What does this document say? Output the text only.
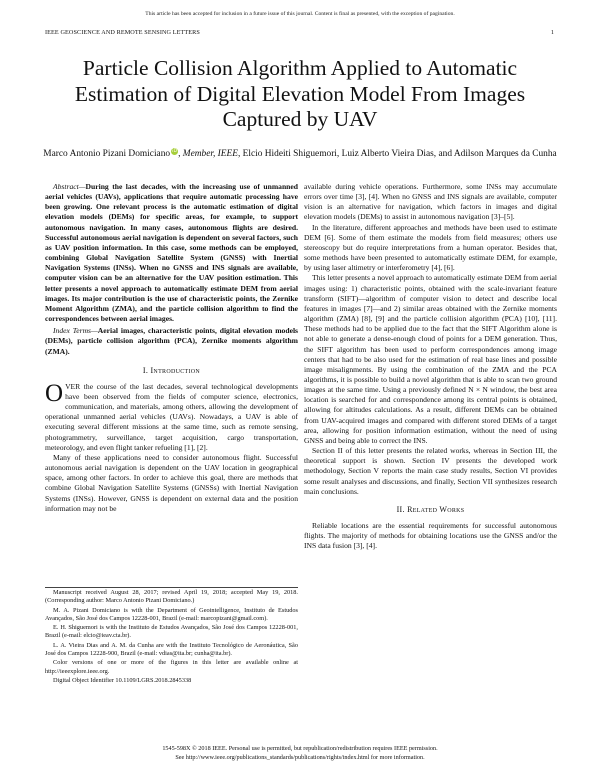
This article has been accepted for inclusion in a future issue of this journal. Content is final as presented, with the exception of pagination.
IEEE GEOSCIENCE AND REMOTE SENSING LETTERS	1
Particle Collision Algorithm Applied to Automatic Estimation of Digital Elevation Model From Images Captured by UAV
Marco Antonio Pizani Domiciano iD, Member, IEEE, Elcio Hideiti Shiguemori, Luiz Alberto Vieira Dias, and Adilson Marques da Cunha

Abstract—During the last decades, with the increasing use of unmanned aerial vehicles (UAVs), applications that require automatic processing have been growing. One relevant process is the automatic estimation of digital elevation models (DEMs) for specific areas, for example, to support autonomous navigation. In many cases, autonomous flights are desired. Successful autonomous aerial navigation is dependent on several factors, such as UAV position information. In this case, some methods can be employed, combining Global Navigation Satellite System (GNSS) with Inertial Navigation Systems (INSs). When no GNSS and INS signals are available, computer vision can be an alternative for the UAV position estimation. This letter presents a novel approach to automatically estimate DEM from aerial images. Its major contribution is the use of characteristic points, the Zernike Moment Algorithm (ZMA), and the particle collision algorithm to find the correspondences between aerial images.

Index Terms—Aerial images, characteristic points, digital elevation models (DEMs), particle collision algorithm (PCA), Zernike moments algorithm (ZMA).

I. Introduction

OVER the course of the last decades, several technological developments have been observed from the fields of computer science, electronics, communication, and materials, among others, allowing the development of operational unmanned aerial vehicles (UAVs). Nowadays, a UAV is able of executing several different missions at the same time, such as remote sensing, photogrammetry, surveillance, target acquisition, cargo transportation, meteorology, and even flight tanker refueling [1], [2].

Many of these applications need to consider autonomous flight. Successful autonomous aerial navigation is dependent on the UAV location in geographical space, among other factors. In order to achieve this goal, there are methods that combine Global Navigation Satellite Systems (GNSSs) with Inertial Navigation Systems (INSs). However, GNSS is dependent on external data and the position information may not be

Manuscript received August 28, 2017; revised April 19, 2018; accepted May 19, 2018. (Corresponding author: Marco Antonio Pizani Domiciano.)

M. A. Pizani Domiciano is with the Department of Geointelligence, Instituto de Estudos Avançados, São José dos Campos 12228-001, Brazil (e-mail: marcopizani@gmail.com).

E. H. Shiguemori is with the Instituto de Estudos Avançados, São José dos Campos 12228-001, Brazil (e-mail: elcio@ieav.cta.br).

L. A. Vieira Dias and A. M. da Cunha are with the Instituto Tecnológico de Aeronáutica, São José dos Campos 12228-900, Brazil (e-mail: vdias@ita.br; cunha@ita.br).

Color versions of one or more of the figures in this letter are available online at http://ieeexplore.ieee.org.

Digital Object Identifier 10.1109/LGRS.2018.2845338

available during vehicle operations. Furthermore, some INSs may accumulate errors over time [3], [4]. When no GNSS and INS signals are available, computer vision is an alternative for navigation, which factors in images and digital elevation models (DEMs) to assist in autonomous navigation [3]–[5].

In the literature, different approaches and methods have been used to estimate DEM [6]. Some of them estimate the models from field measures; others use stereoscopy but do require interpretations from a human operator. Besides that, some methods have been presented to automatically estimate DEM, for example, by using laser altimetry or interferometry [4], [6].

This letter presents a novel approach to automatically estimate DEM from aerial images using: 1) characteristic points, obtained with the scale-invariant feature transform (SIFT)—algorithm of computer vision to detect and describe local features in images [7]—and 2) similar areas obtained with the Zernike moments algorithm (ZMA) [8], [9] and the particle collision algorithm (PCA) [10], [11]. These methods had to be applied due to the fact that the SIFT Algorithm alone is not able to generate a dense-enough cloud of points for a DEM generation. Thus, the SIFT algorithm has been used to perform correspondences among image centers that had to be also used for the estimation of real base lines and possible image misalignments. By using the combination of the ZMA and the PCA algorithms, it is possible to build a novel algorithm that is able to scan two ground images at the same time. Using a previously defined N × N window, the best area location is searched for and correspondence among its central points is obtained, allowing for altitudes calculations. As a result, different DEMs can be obtained from UAV-acquired images and compared with different stored DEMs of a target area, allowing for position information estimation, without the need of using GNSS and being able to correct the INS.

Section II of this letter presents the related works, whereas in Section III, the theoretical support is shown. Section IV presents the developed work methodology, Section V reports the main case study results, Section VI provides some result analyses and discussions, and finally, Section VII synthesizes research main conclusions.

II. Related Works

Reliable locations are the essential requirements for successful autonomous flights. The majority of methods for obtaining locations use the GNSS and/or the INS data fusion [3], [4].

1545-598X © 2018 IEEE. Personal use is permitted, but republication/redistribution requires IEEE permission.
See http://www.ieee.org/publications_standards/publications/rights/index.html for more information.
